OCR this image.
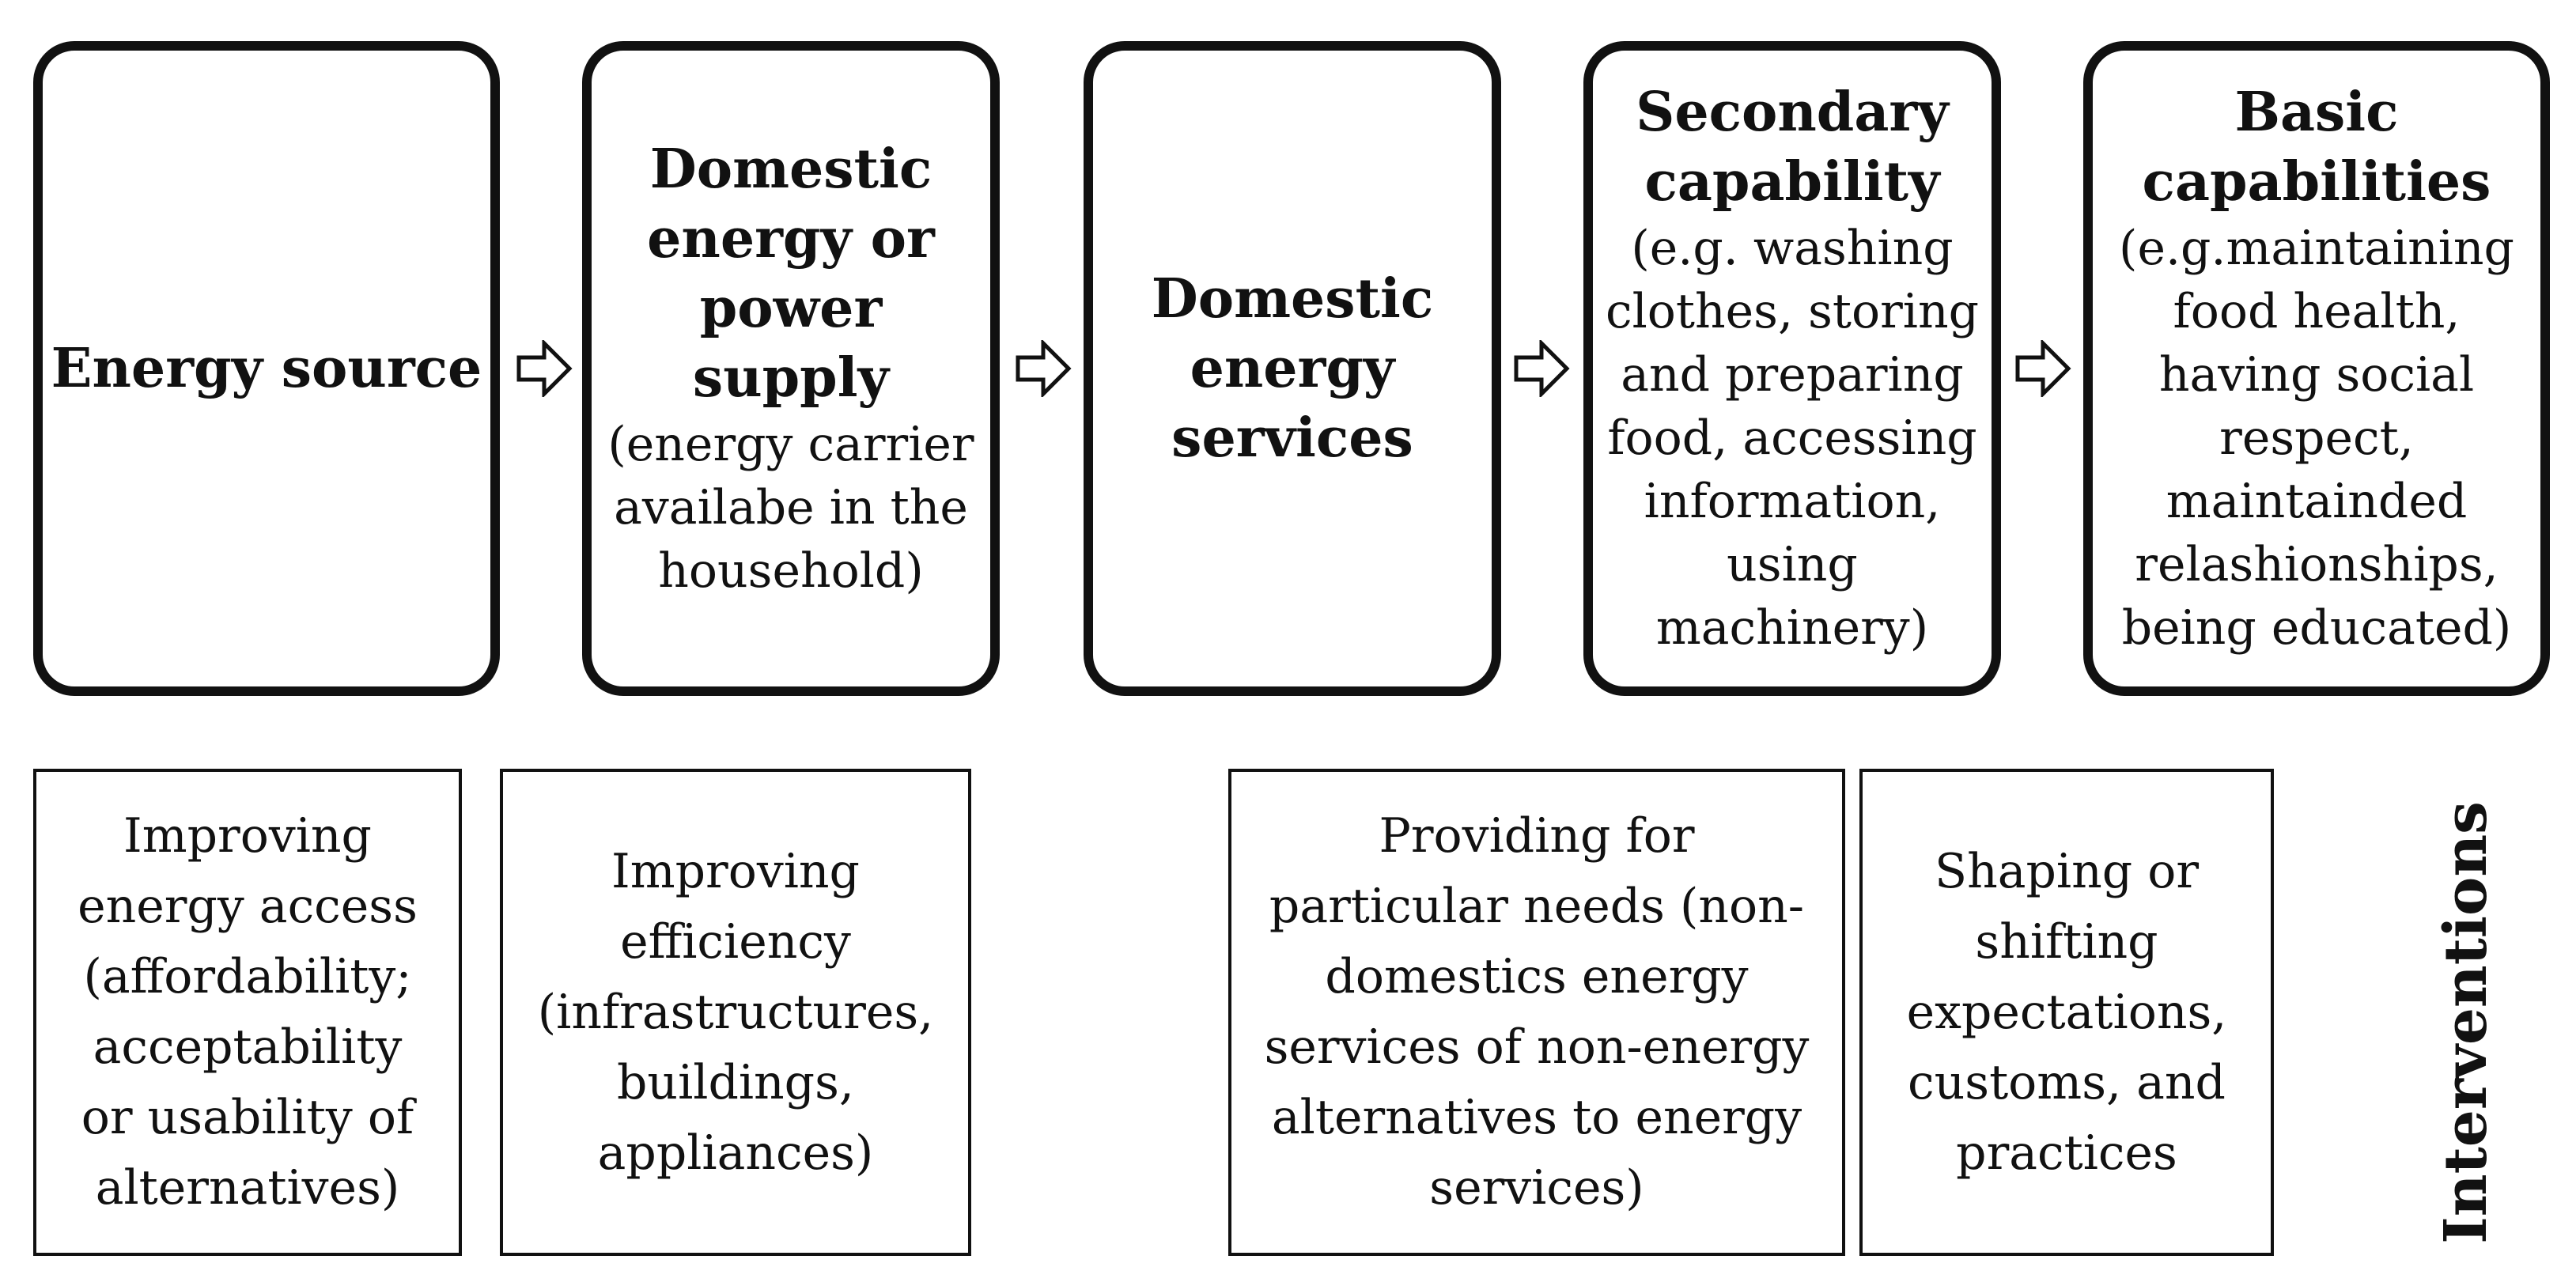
Energy source
Domestic
energy or
power
supply
(energy carrier
availabe in the
household)
Domestic
energy
services
Secondary
capability
(e.g. washing
clothes, storing
and preparing
food, accessing
information,
using
machinery)
Basic
capabilities
(e.g.maintaining
food health,
having social
respect,
maintainded
relashionships,
being educated)
Improving
energy access
(affordability;
acceptability
or usability of
alternatives)
Improving
efficiency
(infrastructures,
buildings,
appliances)
Providing for
particular needs (non-
domestics energy
services of non-energy
alternatives to energy
services)
Shaping or
shifting
expectations,
customs, and
practices	Interventions
